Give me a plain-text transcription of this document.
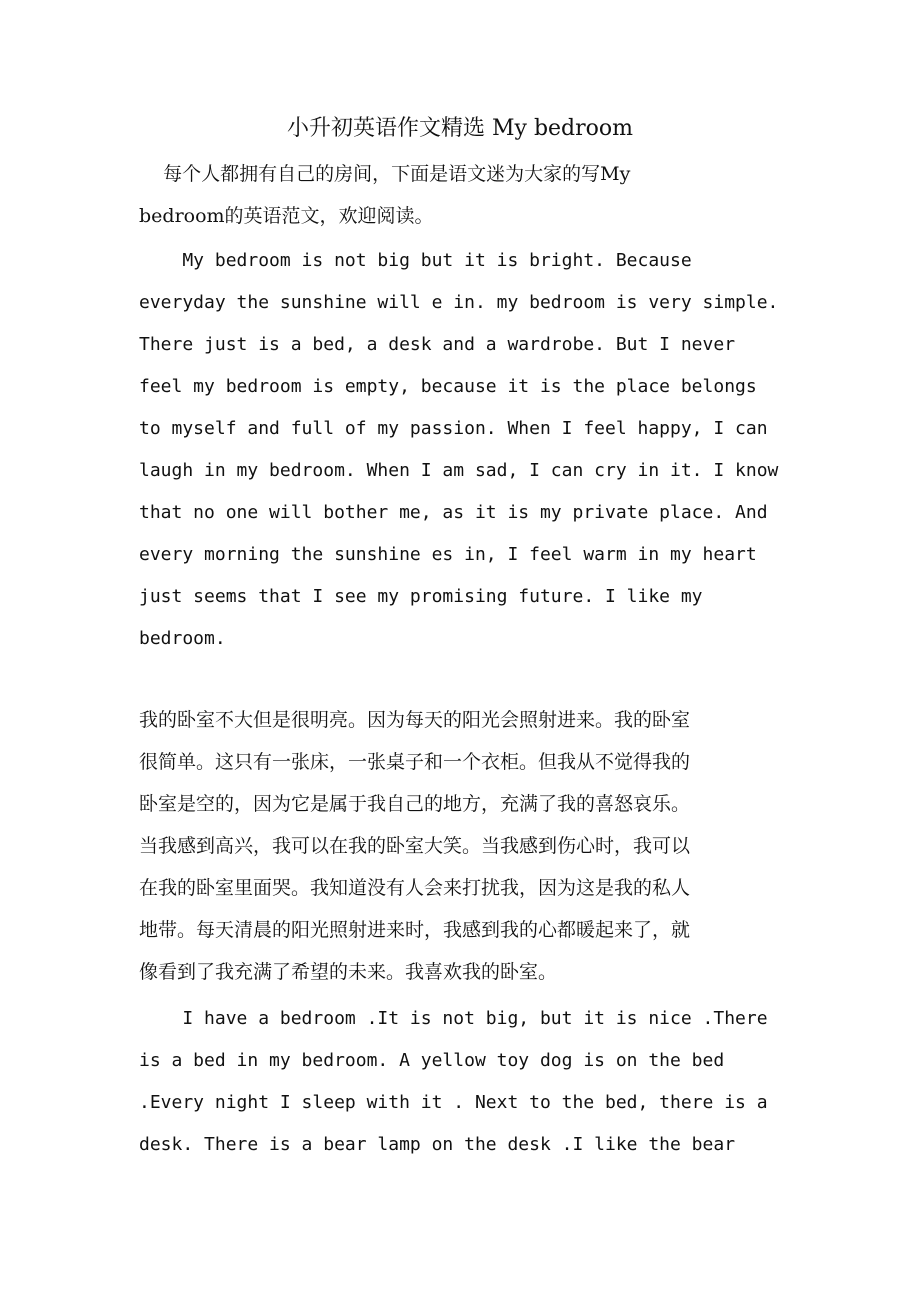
小升初英语作文精选 My bedroom
每个人都拥有自己的房间，下面是语文迷为大家的写My
bedroom的英语范文，欢迎阅读。
My bedroom is not big but it is bright. Because
everyday the sunshine will e in. my bedroom is very simple.
There just is a bed, a desk and a wardrobe. But I never
feel my bedroom is empty, because it is the place belongs
to myself and full of my passion. When I feel happy, I can
laugh in my bedroom. When I am sad, I can cry in it. I know
that no one will bother me, as it is my private place. And
every morning the sunshine es in, I feel warm in my heart
just seems that I see my promising future. I like my
bedroom.
我的卧室不大但是很明亮。因为每天的阳光会照射进来。我的卧室
很简单。这只有一张床，一张桌子和一个衣柜。但我从不觉得我的
卧室是空的，因为它是属于我自己的地方，充满了我的喜怒哀乐。
当我感到高兴，我可以在我的卧室大笑。当我感到伤心时，我可以
在我的卧室里面哭。我知道没有人会来打扰我，因为这是我的私人
地带。每天清晨的阳光照射进来时，我感到我的心都暖起来了，就
像看到了我充满了希望的未来。我喜欢我的卧室。
I have a bedroom .It is not big, but it is nice .There
is a bed in my bedroom. A yellow toy dog is on the bed
.Every night I sleep with it . Next to the bed, there is a
desk. There is a bear lamp on the desk .I like the bear
